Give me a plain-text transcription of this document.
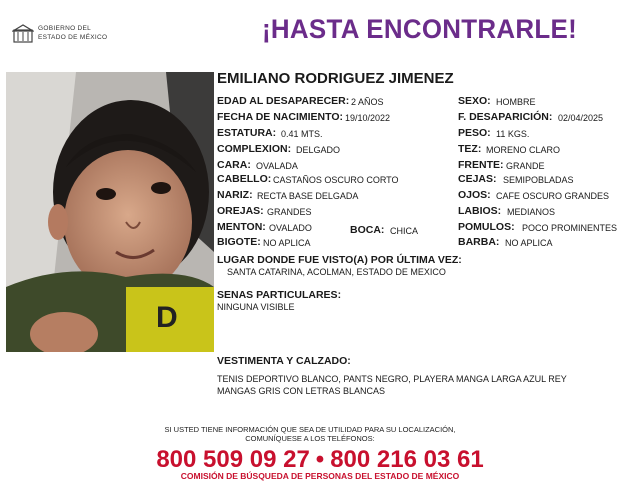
GOBIERNO DEL
ESTADO DE MÉXICO	¡HASTA ENCONTRARLE!
D
EMILIANO RODRIGUEZ JIMENEZ
EDAD AL DESAPARECER: 2 AÑOS
FECHA DE NACIMIENTO: 19/10/2022
ESTATURA: 0.41 MTS.
COMPLEXION: DELGADO
CARA: OVALADA
CABELLO: CASTAÑOS OSCURO CORTO
NARIZ: RECTA BASE DELGADA
OREJAS: GRANDES
MENTON: OVALADO	BOCA: CHICA
BIGOTE: NO APLICA
SEXO: HOMBRE
F. DESAPARICIÓN: 02/04/2025
PESO: 11 KGS.
TEZ: MORENO CLARO
FRENTE: GRANDE
CEJAS: SEMIPOBLADAS
OJOS: CAFE OSCURO GRANDES
LABIOS: MEDIANOS
POMULOS: POCO PROMINENTES
BARBA: NO APLICA
LUGAR DONDE FUE VISTO(A) POR ÚLTIMA VEZ:
SANTA CATARINA, ACOLMAN, ESTADO DE MEXICO
SENAS PARTICULARES:
NINGUNA VISIBLE
VESTIMENTA Y CALZADO:
TENIS DEPORTIVO BLANCO, PANTS NEGRO, PLAYERA MANGA LARGA AZUL REY
MANGAS GRIS CON LETRAS BLANCAS
SI USTED TIENE INFORMACIÓN QUE SEA DE UTILIDAD PARA SU LOCALIZACIÓN,
COMUNÍQUESE A LOS TELÉFONOS:
800 509 09 27 • 800 216 03 61
COMISIÓN DE BÚSQUEDA DE PERSONAS DEL ESTADO DE MÉXICO
